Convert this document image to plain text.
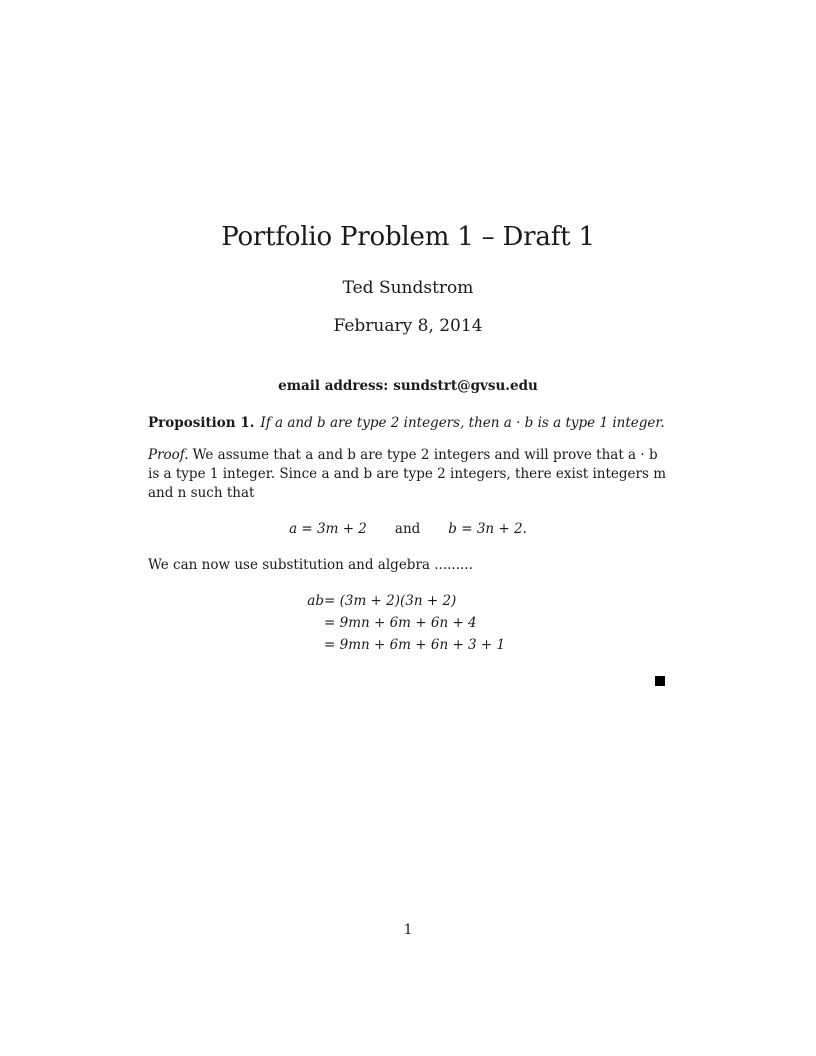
Portfolio Problem 1 – Draft 1

Ted Sundstrom

February 8, 2014

email address: sundstrt@gvsu.edu

Proposition 1. If a and b are type 2 integers, then a · b is a type 1 integer.

Proof. We assume that a and b are type 2 integers and will prove that a · b is a type 1 integer. Since a and b are type 2 integers, there exist integers m and n such that

a = 3m + 2 and b = 3n + 2.

We can now use substitution and algebra .........

ab = (3m + 2)(3n + 2)
= 9mn + 6m + 6n + 4
= 9mn + 6m + 6n + 3 + 1
1
